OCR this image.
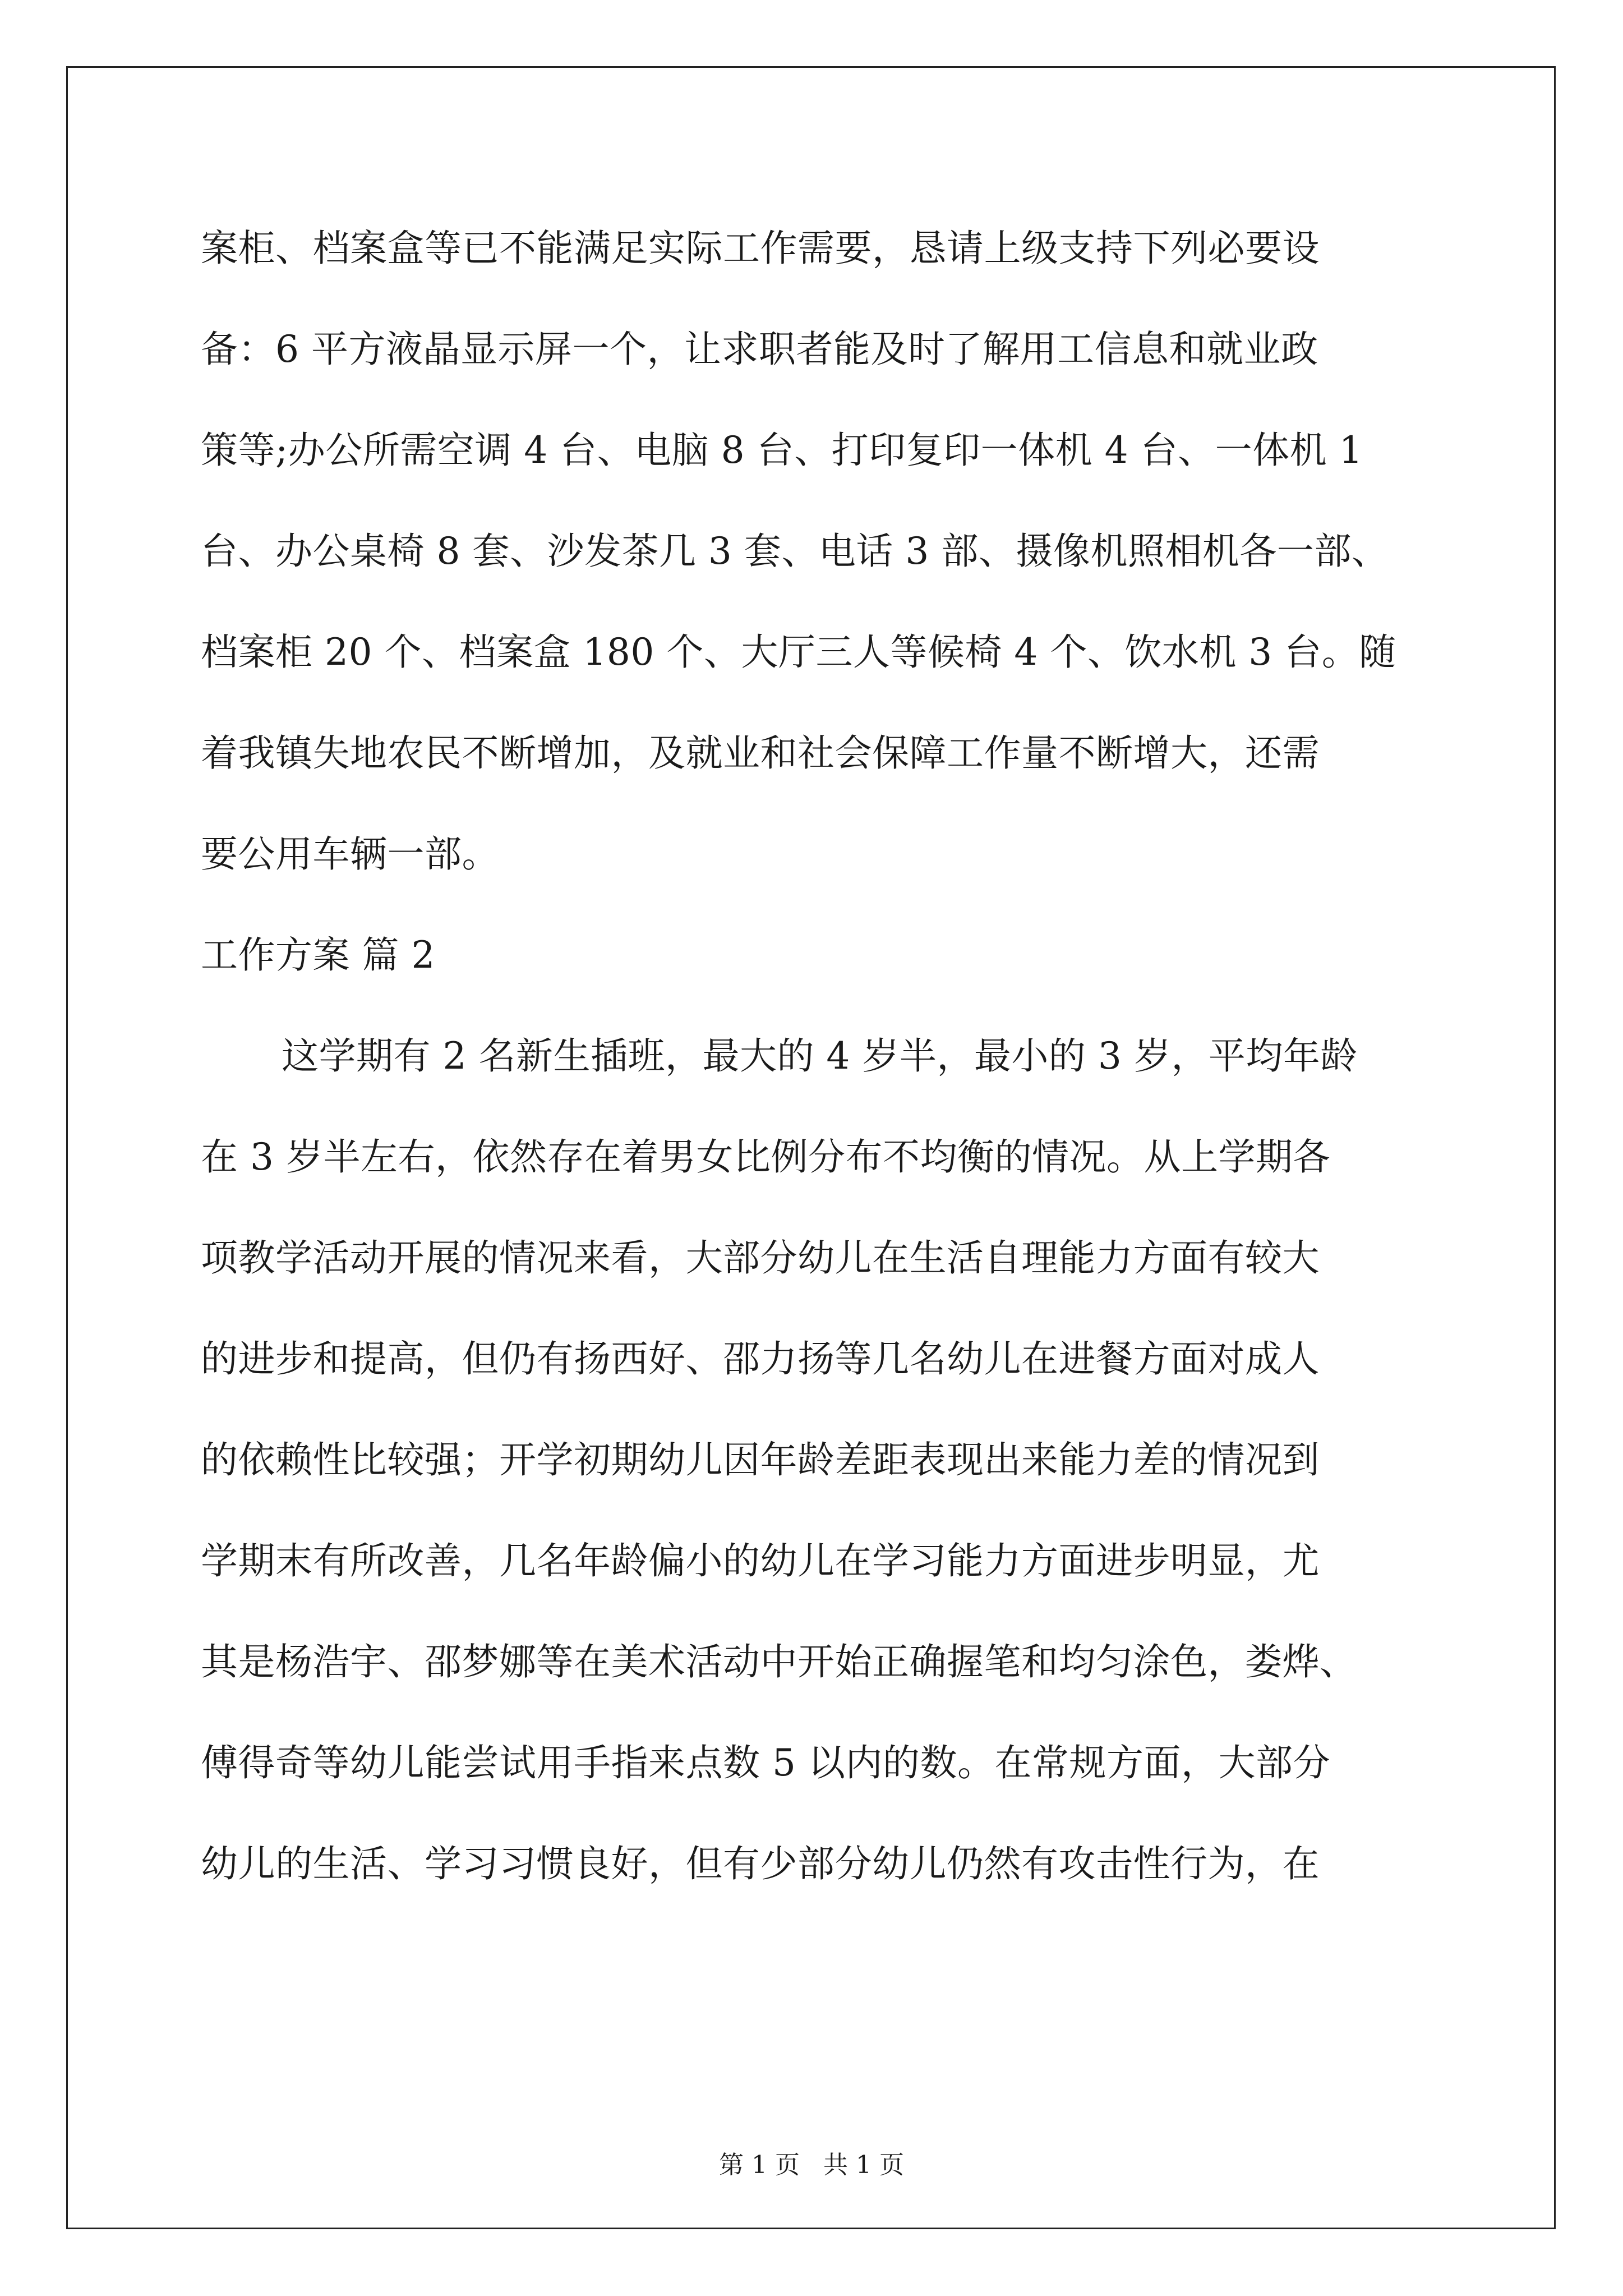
案柜、档案盒等已不能满足实际工作需要，恳请上级支持下列必要设
备：6 平方液晶显示屏一个，让求职者能及时了解用工信息和就业政
策等;办公所需空调 4 台、电脑 8 台、打印复印一体机 4 台、一体机 1
台、办公桌椅 8 套、沙发茶几 3 套、电话 3 部、摄像机照相机各一部、
档案柜 20 个、档案盒 180 个、大厅三人等候椅 4 个、饮水机 3 台。随
着我镇失地农民不断增加，及就业和社会保障工作量不断增大，还需
要公用车辆一部。
工作方案 篇 2
这学期有 2 名新生插班，最大的 4 岁半，最小的 3 岁，平均年龄
在 3 岁半左右，依然存在着男女比例分布不均衡的情况。从上学期各
项教学活动开展的情况来看，大部分幼儿在生活自理能力方面有较大
的进步和提高，但仍有扬西好、邵力扬等几名幼儿在进餐方面对成人
的依赖性比较强；开学初期幼儿因年龄差距表现出来能力差的情况到
学期末有所改善，几名年龄偏小的幼儿在学习能力方面进步明显，尤
其是杨浩宇、邵梦娜等在美术活动中开始正确握笔和均匀涂色，娄烨、
傅得奇等幼儿能尝试用手指来点数 5 以内的数。在常规方面，大部分
幼儿的生活、学习习惯良好，但有少部分幼儿仍然有攻击性行为，在
第 1 页 共 1 页
